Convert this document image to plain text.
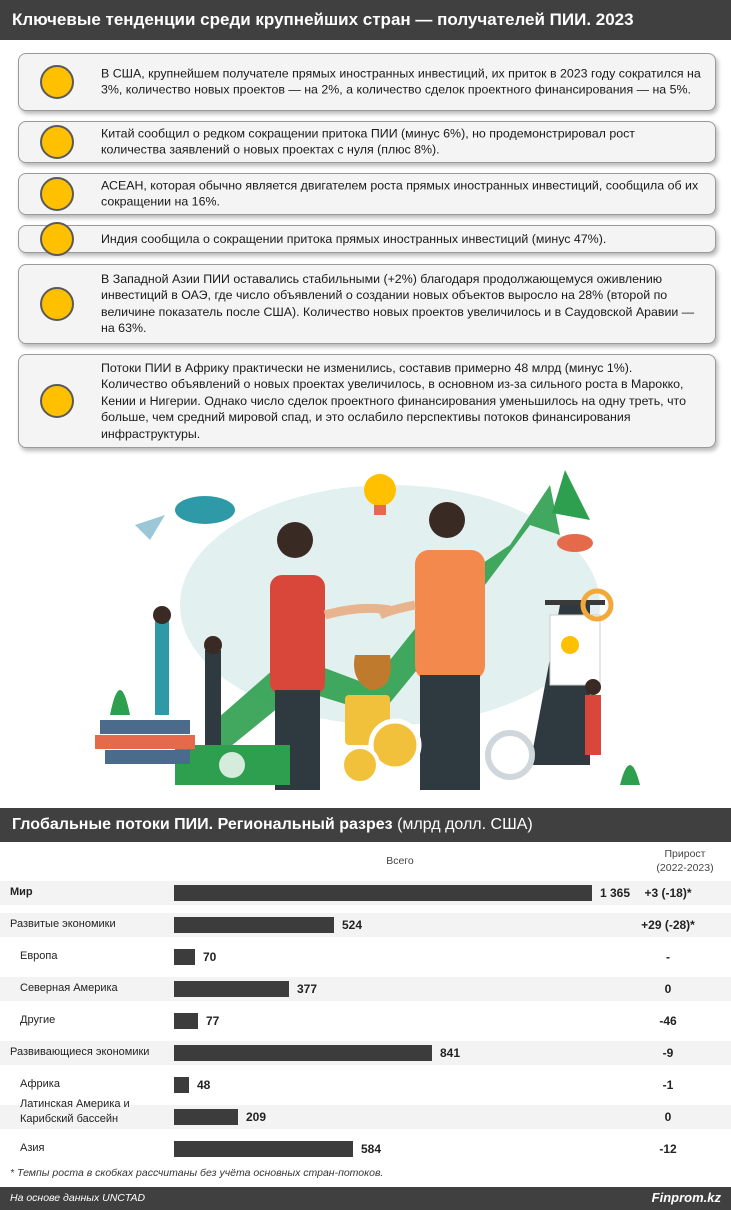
Ключевые тенденции среди крупнейших стран — получателей ПИИ. 2023
В США, крупнейшем получателе прямых иностранных инвестиций, их приток в 2023 году сократился на 3%, количество новых проектов — на 2%, а количество сделок проектного финансирования — на 5%.
Китай сообщил о редком сокращении притока ПИИ (минус 6%), но продемонстрировал рост количества заявлений о новых проектах с нуля (плюс 8%).
АСЕАН, которая обычно является двигателем роста прямых иностранных инвестиций, сообщила об их сокращении на 16%.
Индия сообщила о сокращении притока прямых иностранных инвестиций (минус 47%).
В Западной Азии ПИИ оставались стабильными (+2%) благодаря продолжающемуся оживлению инвестиций в ОАЭ, где число объявлений о создании новых объектов выросло на 28% (второй по величине показатель после США). Количество новых проектов увеличилось и в Саудовской Аравии — на 63%.
Потоки ПИИ в Африку практически не изменились, составив примерно 48 млрд (минус 1%). Количество объявлений о новых проектах увеличилось, в основном из-за сильного роста в Марокко, Кении и Нигерии. Однако число сделок проектного финансирования уменьшилось на одну треть, что больше, чем средний мировой спад, и это ослабило перспективы потоков финансирования инфраструктуры.
Глобальные потоки ПИИ. Региональный разрез (млрд долл. США)
Всего
Прирост
(2022-2023)
Мир	1 365	+3 (-18)*
Развитые экономики	524	+29 (-28)*
Европа	70	-
Северная Америка	377	0
Другие	77	-46
Развивающиеся экономики	841	-9
Африка	48	-1
Латинская Америка и Карибский бассейн	209	0
Азия	584	-12
* Темпы роста в скобках рассчитаны без учёта основных стран-потоков.
На основе данных UNCTAD	Finprom.kz
